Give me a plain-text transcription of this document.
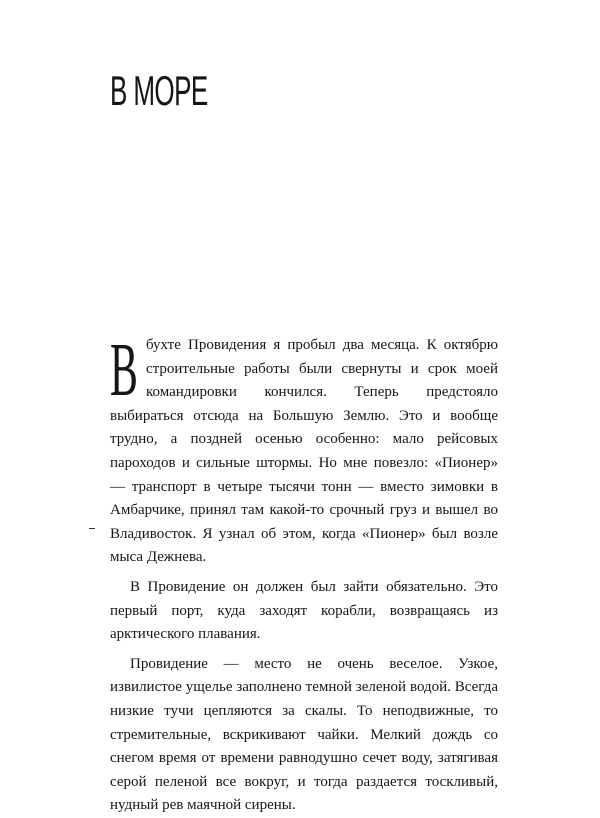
В МОРЕ

В бухте Провидения я пробыл два месяца. К октябрю строительные работы были свернуты и срок моей командировки кончился. Теперь предстояло выбираться отсюда на Большую Землю. Это и вообще трудно, а поздней осенью особенно: мало рейсовых пароходов и сильные штормы. Но мне повезло: «Пионер» — транспорт в четыре тысячи тонн — вместо зимовки в Амбарчике, принял там какой-то срочный груз и вышел во Владивосток. Я узнал об этом, когда «Пионер» был возле мыса Дежнева.

В Провидение он должен был зайти обязательно. Это первый порт, куда заходят корабли, возвращаясь из арктического плавания.

Провидение — место не очень веселое. Узкое, извилистое ущелье заполнено темной зеленой водой. Всегда низкие тучи цепляются за скалы. То неподвижные, то стремительные, вскрикивают чайки. Мелкий дождь со снегом время от времени равнодушно сечет воду, затягивая серой пеленой все вокруг, и тогда раздается тоскливый, нудный рев маячной сирены.
